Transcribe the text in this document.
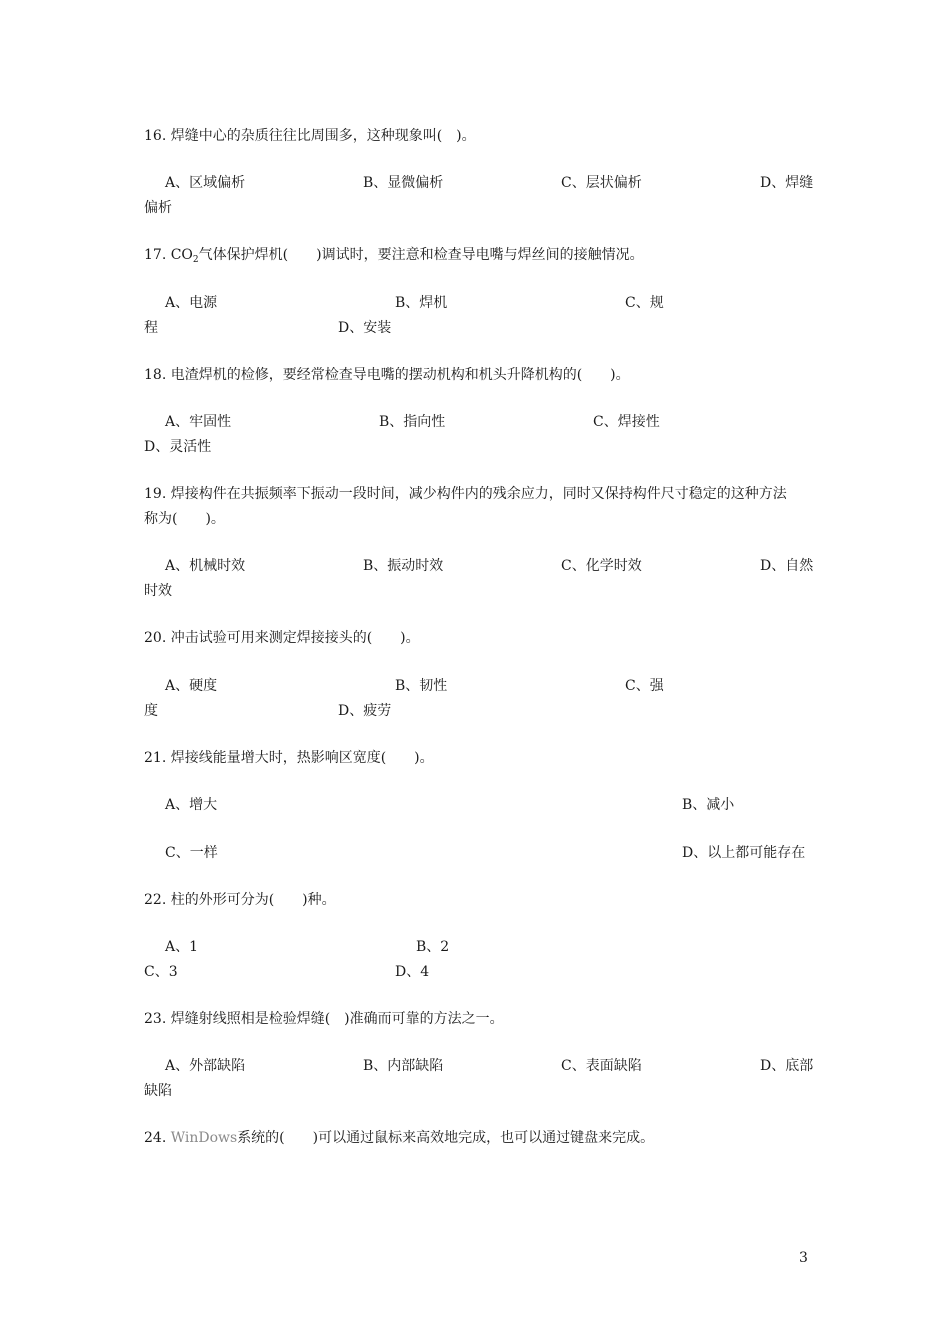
16. 焊缝中心的杂质往往比周围多，这种现象叫(　)。
A、区域偏析	B、显微偏析	C、层状偏析	D、焊缝
偏析
17. $CO_2$气体保护焊机(　　)调试时，要注意和检查导电嘴与焊丝间的接触情况。
A、电源	B、焊机	C、规
程	D、安装
18. 电渣焊机的检修，要经常检查导电嘴的摆动机构和机头升降机构的(　　)。
A、牢固性	B、指向性	C、焊接性
D、灵活性
19. 焊接构件在共振频率下振动一段时间，减少构件内的残余应力，同时又保持构件尺寸稳定的这种方法
称为(　　)。
A、机械时效	B、振动时效	C、化学时效	D、自然
时效
20. 冲击试验可用来测定焊接接头的(　　)。
A、硬度	B、韧性	C、强
度	D、疲劳
21. 焊接线能量增大时，热影响区宽度(　　)。
A、增大	B、减小
C、一样	D、以上都可能存在
22. 柱的外形可分为(　　)种。
A、1	B、2
C、3	D、4
23. 焊缝射线照相是检验焊缝(　)准确而可靠的方法之一。
A、外部缺陷	B、内部缺陷	C、表面缺陷	D、底部
缺陷
24. WinDows系统的(　　)可以通过鼠标来高效地完成，也可以通过键盘来完成。
3
